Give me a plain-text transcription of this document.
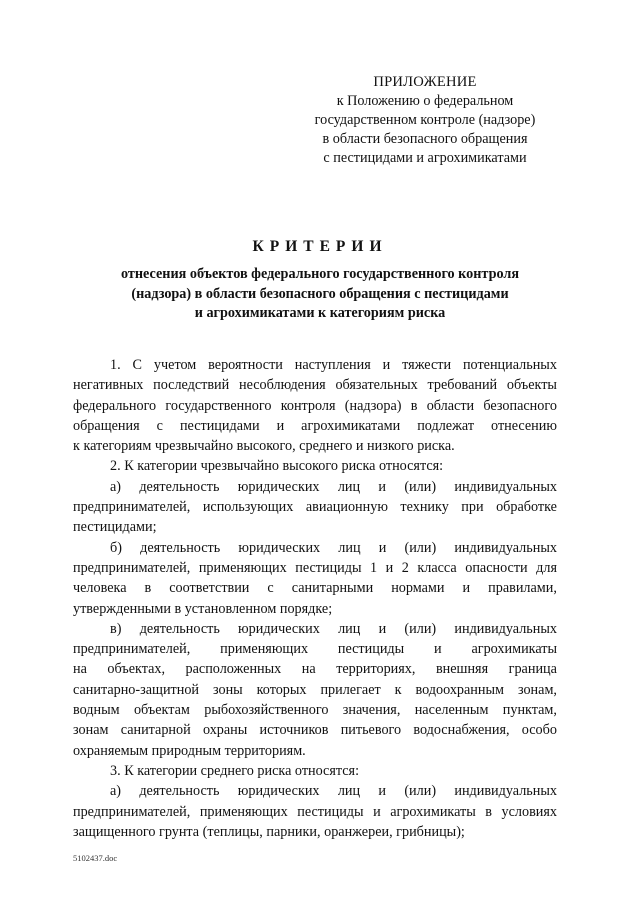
ПРИЛОЖЕНИЕ
к Положению о федеральном
государственном контроле (надзоре)
в области безопасного обращения
с пестицидами и агрохимикатами
КРИТЕРИИ
отнесения объектов федерального государственного контроля
(надзора) в области безопасного обращения с пестицидами
и агрохимикатами к категориям риска
1. С учетом вероятности наступления и тяжести потенциальных
негативных последствий несоблюдения обязательных требований объекты
федерального государственного контроля (надзора) в области безопасного
обращения с пестицидами и агрохимикатами подлежат отнесению
к категориям чрезвычайно высокого, среднего и низкого риска.
2. К категории чрезвычайно высокого риска относятся:
а) деятельность юридических лиц и (или) индивидуальных
предпринимателей, использующих авиационную технику при обработке
пестицидами;
б) деятельность юридических лиц и (или) индивидуальных
предпринимателей, применяющих пестициды 1 и 2 класса опасности для
человека в соответствии с санитарными нормами и правилами,
утвержденными в установленном порядке;
в) деятельность юридических лиц и (или) индивидуальных
предпринимателей, применяющих пестициды и агрохимикаты
на объектах, расположенных на территориях, внешняя граница
санитарно-защитной зоны которых прилегает к водоохранным зонам,
водным объектам рыбохозяйственного значения, населенным пунктам,
зонам санитарной охраны источников питьевого водоснабжения, особо
охраняемым природным территориям.
3. К категории среднего риска относятся:
а) деятельность юридических лиц и (или) индивидуальных
предпринимателей, применяющих пестициды и агрохимикаты в условиях
защищенного грунта (теплицы, парники, оранжереи, грибницы);
5102437.doc
